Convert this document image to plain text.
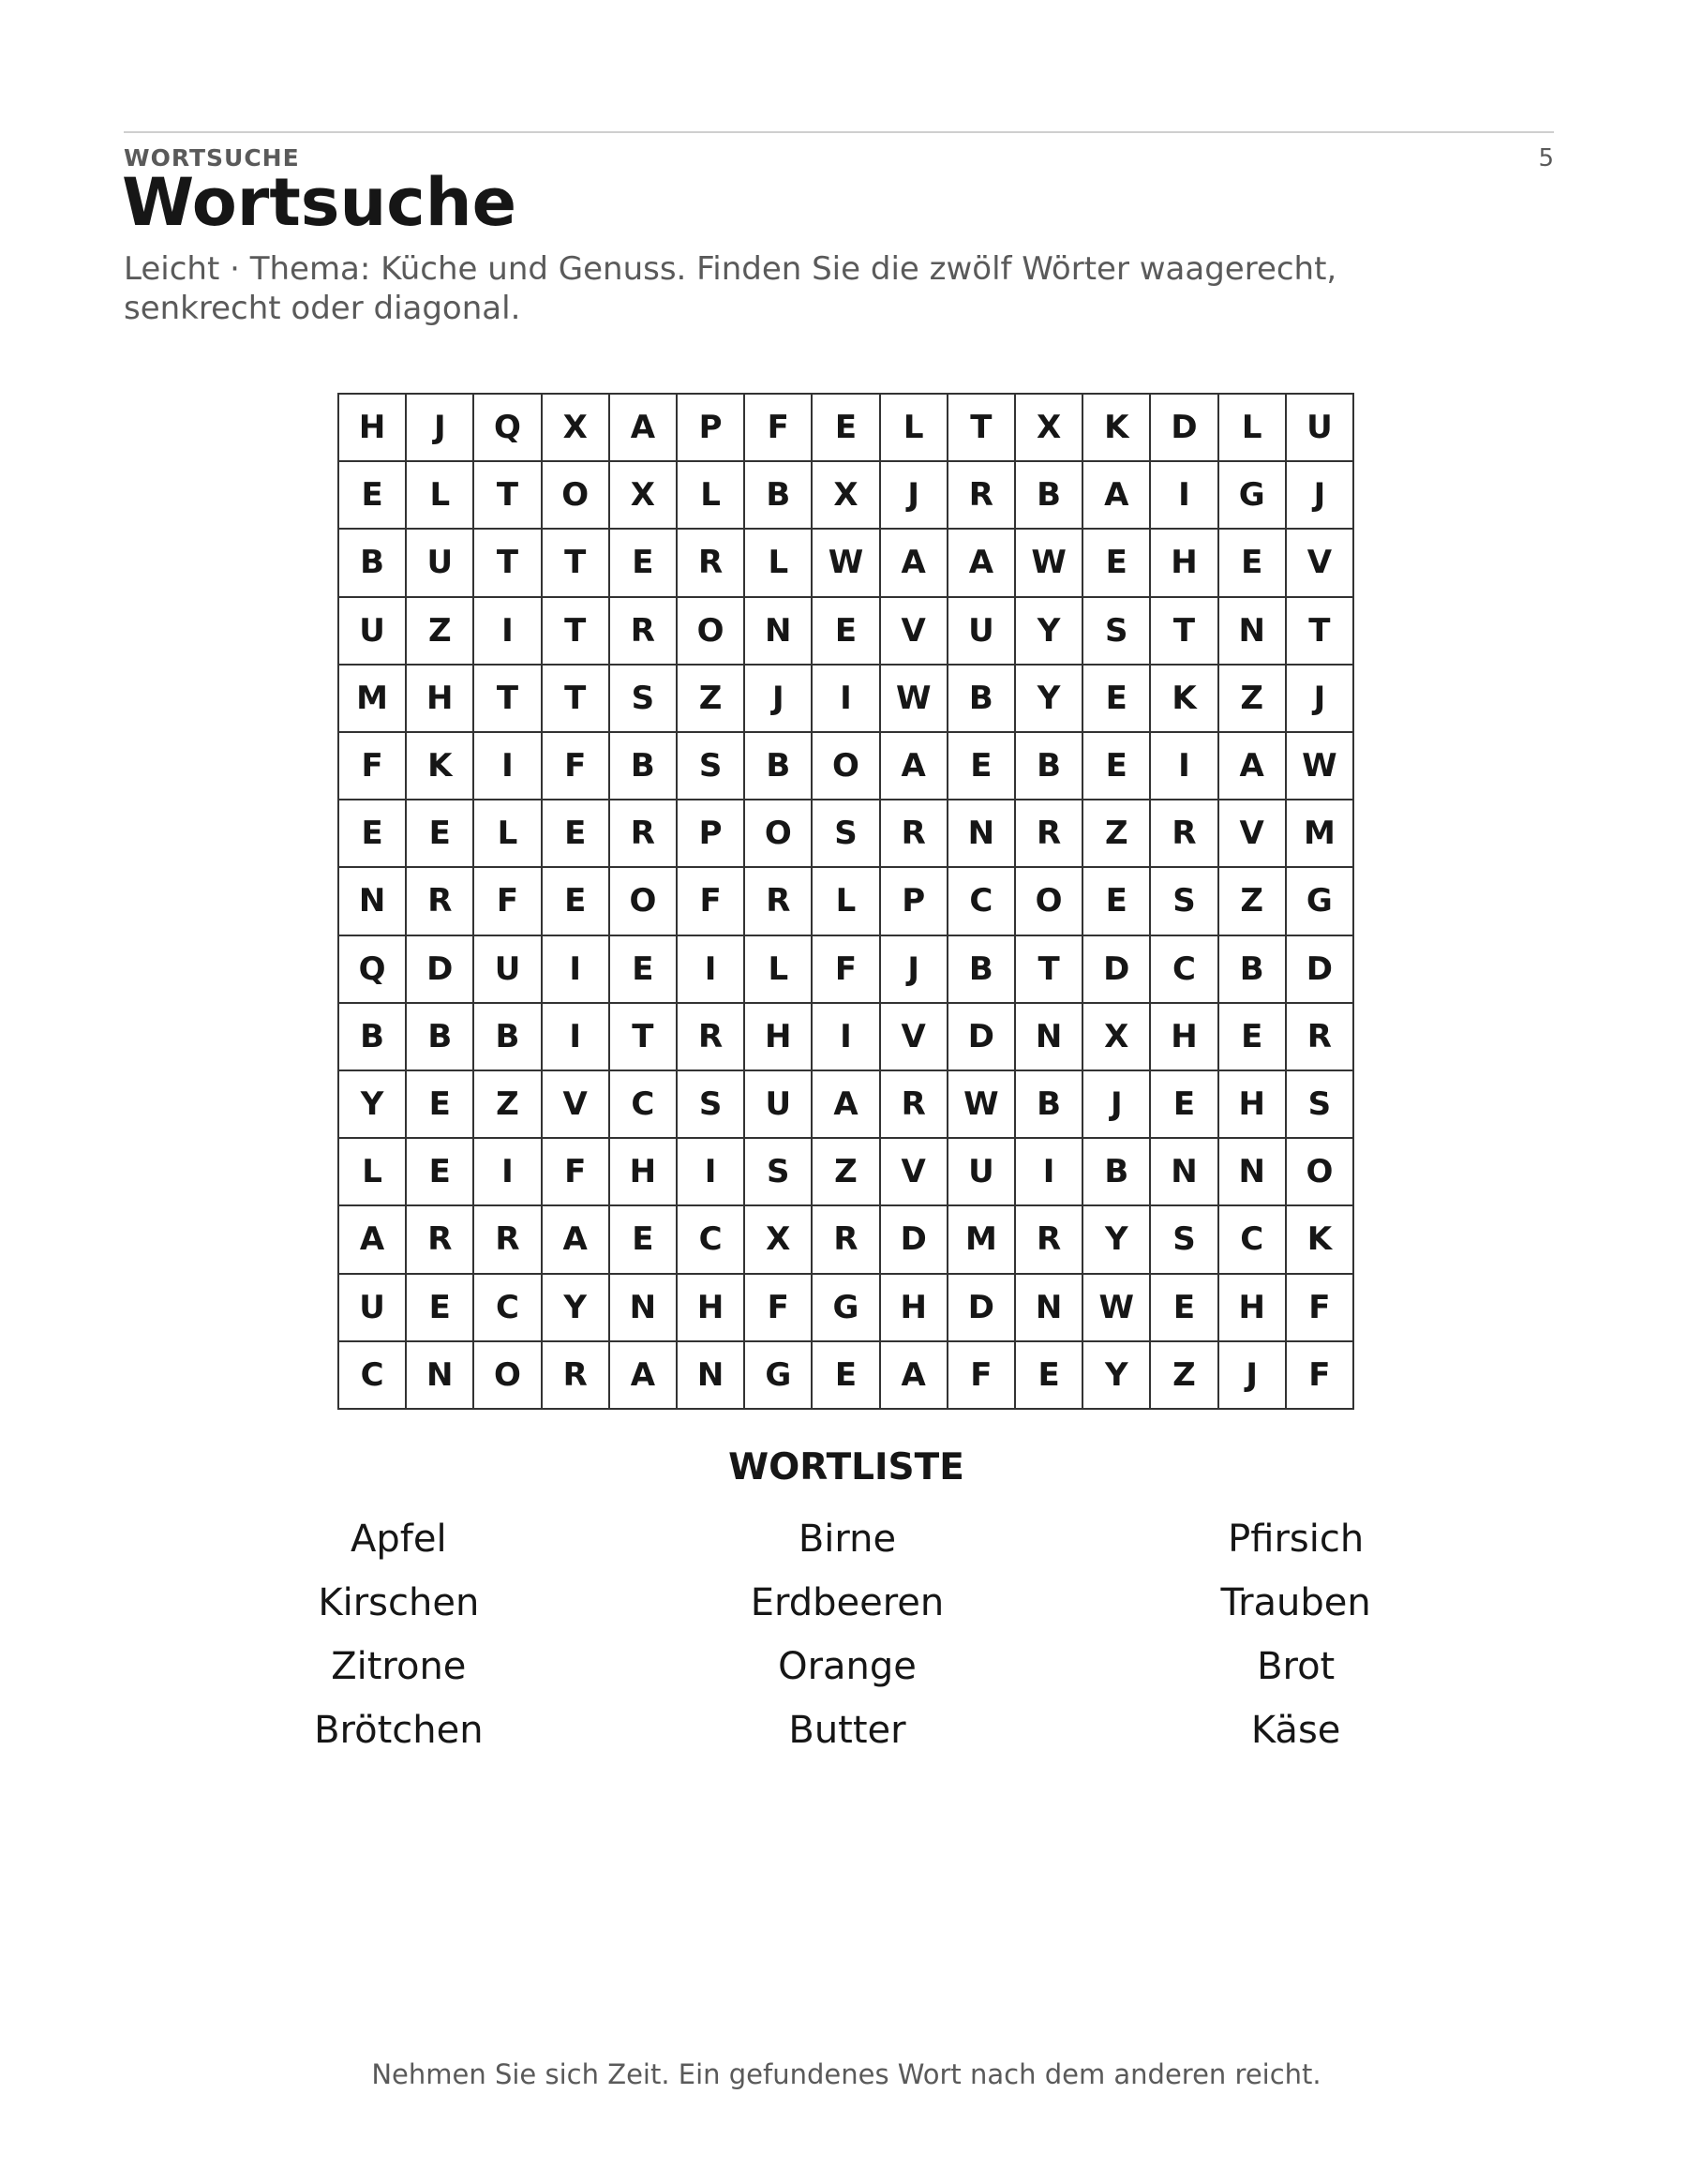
WORTSUCHE	5
Wortsuche

Leicht · Thema: Küche und Genuss. Finden Sie die zwölf Wörter waagerecht, senkrecht oder diagonal.

H	J	Q	X	A	P	F	E	L	T	X	K	D	L	U
E	L	T	O	X	L	B	X	J	R	B	A	I	G	J
B	U	T	T	E	R	L	W	A	A	W	E	H	E	V
U	Z	I	T	R	O	N	E	V	U	Y	S	T	N	T
M	H	T	T	S	Z	J	I	W	B	Y	E	K	Z	J
F	K	I	F	B	S	B	O	A	E	B	E	I	A	W
E	E	L	E	R	P	O	S	R	N	R	Z	R	V	M
N	R	F	E	O	F	R	L	P	C	O	E	S	Z	G
Q	D	U	I	E	I	L	F	J	B	T	D	C	B	D
B	B	B	I	T	R	H	I	V	D	N	X	H	E	R
Y	E	Z	V	C	S	U	A	R	W	B	J	E	H	S
L	E	I	F	H	I	S	Z	V	U	I	B	N	N	O
A	R	R	A	E	C	X	R	D	M	R	Y	S	C	K
U	E	C	Y	N	H	F	G	H	D	N	W	E	H	F
C	N	O	R	A	N	G	E	A	F	E	Y	Z	J	F
WORTLISTE
Apfel	Birne	Pfirsich
Kirschen	Erdbeeren	Trauben
Zitrone	Orange	Brot
Brötchen	Butter	Käse
Nehmen Sie sich Zeit. Ein gefundenes Wort nach dem anderen reicht.
